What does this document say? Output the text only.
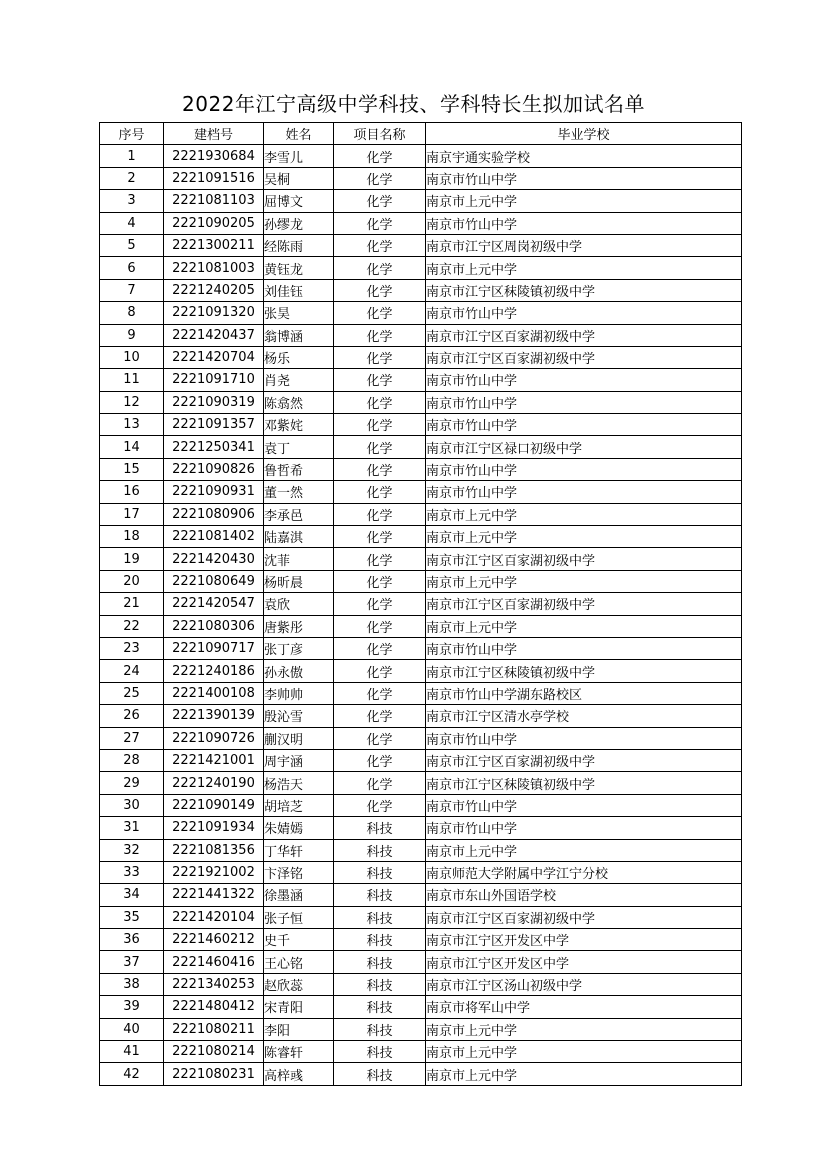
2022年江宁高级中学科技、学科特长生拟加试名单
序号	建档号	姓名	项目名称	毕业学校
1	2221930684	李雪儿	化学	南京宇通实验学校
2	2221091516	吴桐	化学	南京市竹山中学
3	2221081103	屈博文	化学	南京市上元中学
4	2221090205	孙缪龙	化学	南京市竹山中学
5	2221300211	经陈雨	化学	南京市江宁区周岗初级中学
6	2221081003	黄钰龙	化学	南京市上元中学
7	2221240205	刘佳钰	化学	南京市江宁区秣陵镇初级中学
8	2221091320	张昊	化学	南京市竹山中学
9	2221420437	翁博涵	化学	南京市江宁区百家湖初级中学
10	2221420704	杨乐	化学	南京市江宁区百家湖初级中学
11	2221091710	肖尧	化学	南京市竹山中学
12	2221090319	陈翕然	化学	南京市竹山中学
13	2221091357	邓紫姹	化学	南京市竹山中学
14	2221250341	袁丁	化学	南京市江宁区禄口初级中学
15	2221090826	鲁哲希	化学	南京市竹山中学
16	2221090931	董一然	化学	南京市竹山中学
17	2221080906	李承邑	化学	南京市上元中学
18	2221081402	陆嘉淇	化学	南京市上元中学
19	2221420430	沈菲	化学	南京市江宁区百家湖初级中学
20	2221080649	杨昕晨	化学	南京市上元中学
21	2221420547	袁欣	化学	南京市江宁区百家湖初级中学
22	2221080306	唐紫彤	化学	南京市上元中学
23	2221090717	张丁彦	化学	南京市竹山中学
24	2221240186	孙永傲	化学	南京市江宁区秣陵镇初级中学
25	2221400108	李帅帅	化学	南京市竹山中学湖东路校区
26	2221390139	殷沁雪	化学	南京市江宁区清水亭学校
27	2221090726	蒯汉明	化学	南京市竹山中学
28	2221421001	周宇涵	化学	南京市江宁区百家湖初级中学
29	2221240190	杨浩天	化学	南京市江宁区秣陵镇初级中学
30	2221090149	胡培芝	化学	南京市竹山中学
31	2221091934	朱婧嫣	科技	南京市竹山中学
32	2221081356	丁华轩	科技	南京市上元中学
33	2221921002	卞泽铭	科技	南京师范大学附属中学江宁分校
34	2221441322	徐墨涵	科技	南京市东山外国语学校
35	2221420104	张子恒	科技	南京市江宁区百家湖初级中学
36	2221460212	史千	科技	南京市江宁区开发区中学
37	2221460416	王心铭	科技	南京市江宁区开发区中学
38	2221340253	赵欣蕊	科技	南京市江宁区汤山初级中学
39	2221480412	宋青阳	科技	南京市将军山中学
40	2221080211	李阳	科技	南京市上元中学
41	2221080214	陈睿轩	科技	南京市上元中学
42	2221080231	高梓彧	科技	南京市上元中学
